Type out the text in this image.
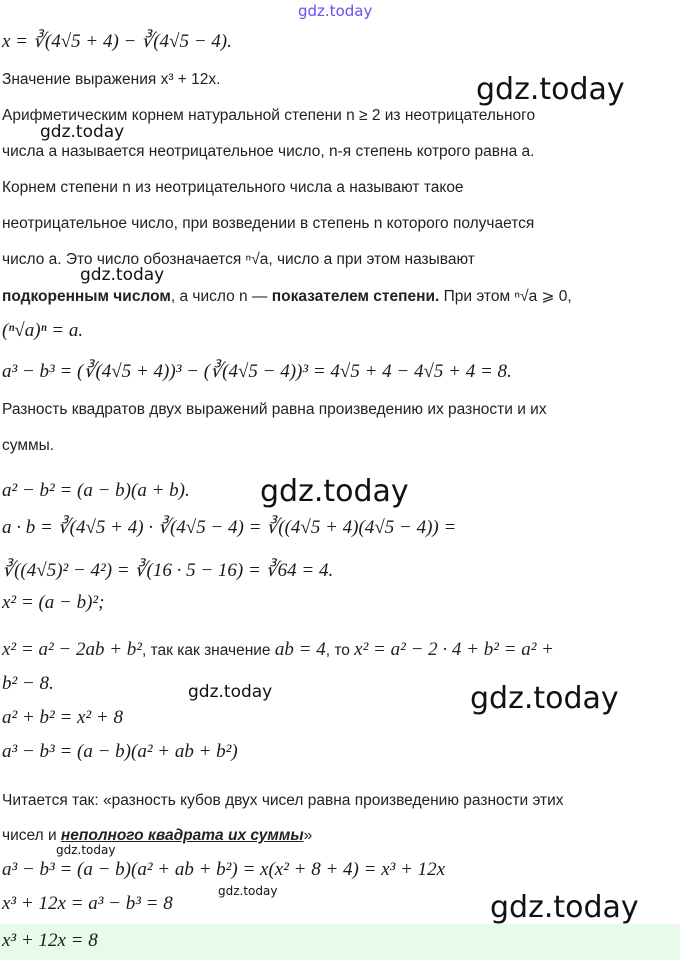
gdz.today
gdz.today
gdz.today
gdz.today
gdz.today
gdz.today	gdz.today
gdz.today
gdz.today	gdz.today
x = ∛(4√5 + 4) − ∛(4√5 − 4).
Значение выражения x³ + 12x.
Арифметическим корнем натуральной степени n ≥ 2 из неотрицательного
числа a называется неотрицательное число, n-я степень котрого равна a.
Корнем степени n из неотрицательного числа a называют такое
неотрицательное число, при возведении в степень n которого получается
число a. Это число обозначается ⁿ√a, число a при этом называют
подкоренным числом, а число n — показателем степени. При этом ⁿ√a ⩾ 0,
(ⁿ√a)ⁿ = a.
a³ − b³ = (∛(4√5 + 4))³ − (∛(4√5 − 4))³ = 4√5 + 4 − 4√5 + 4 = 8.
Разность квадратов двух выражений равна произведению их разности и их
суммы.
a² − b² = (a − b)(a + b).
a · b = ∛(4√5 + 4) · ∛(4√5 − 4) = ∛((4√5 + 4)(4√5 − 4)) =
∛((4√5)² − 4²) = ∛(16 · 5 − 16) = ∛64 = 4.
x² = (a − b)²;
x² = a² − 2ab + b², так как значение ab = 4, то x² = a² − 2 · 4 + b² = a² +
b² − 8.
a² + b² = x² + 8
a³ − b³ = (a − b)(a² + ab + b²)
Читается так: «разность кубов двух чисел равна произведению разности этих
чисел и неполного квадрата их суммы»
a³ − b³ = (a − b)(a² + ab + b²) = x(x² + 8 + 4) = x³ + 12x
x³ + 12x = a³ − b³ = 8
x³ + 12x = 8
